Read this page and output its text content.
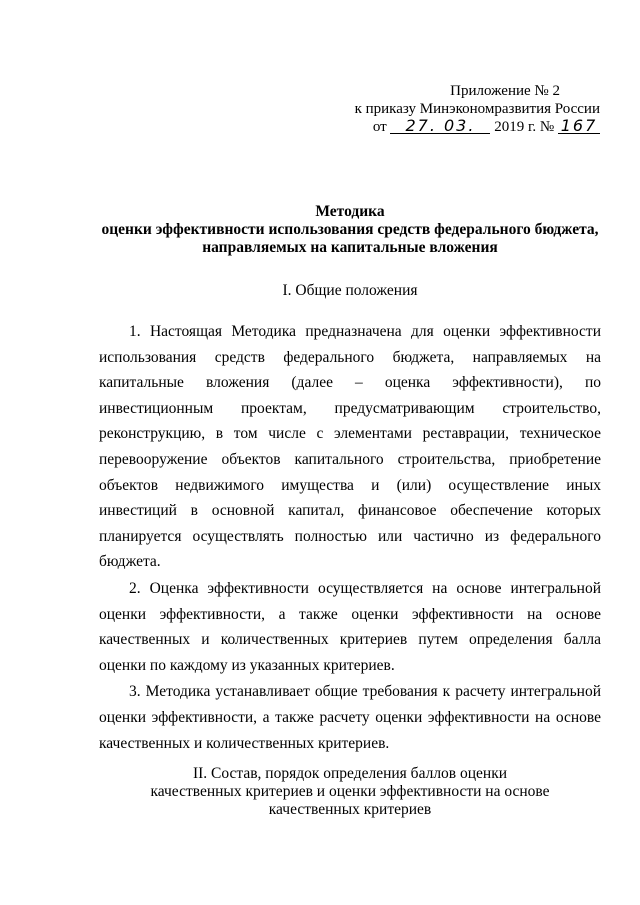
Приложение № 2
к приказу Минэкономразвития России
от 27. 03. 2019 г. № 167
Методика
оценки эффективности использования средств федерального бюджета,
направляемых на капитальные вложения
I. Общие положения

1. Настоящая Методика предназначена для оценки эффективности использования средств федерального бюджета, направляемых на капитальные вложения (далее – оценка эффективности), по инвестиционным проектам, предусматривающим строительство, реконструкцию, в том числе с элементами реставрации, техническое перевооружение объектов капитального строительства, приобретение объектов недвижимого имущества и (или) осуществление иных инвестиций в основной капитал, финансовое обеспечение которых планируется осуществлять полностью или частично из федерального бюджета.

2. Оценка эффективности осуществляется на основе интегральной оценки эффективности, а также оценки эффективности на основе качественных и количественных критериев путем определения балла оценки по каждому из указанных критериев.

3. Методика устанавливает общие требования к расчету интегральной оценки эффективности, а также расчету оценки эффективности на основе качественных и количественных критериев.

II. Состав, порядок определения баллов оценки
качественных критериев и оценки эффективности на основе
качественных критериев
